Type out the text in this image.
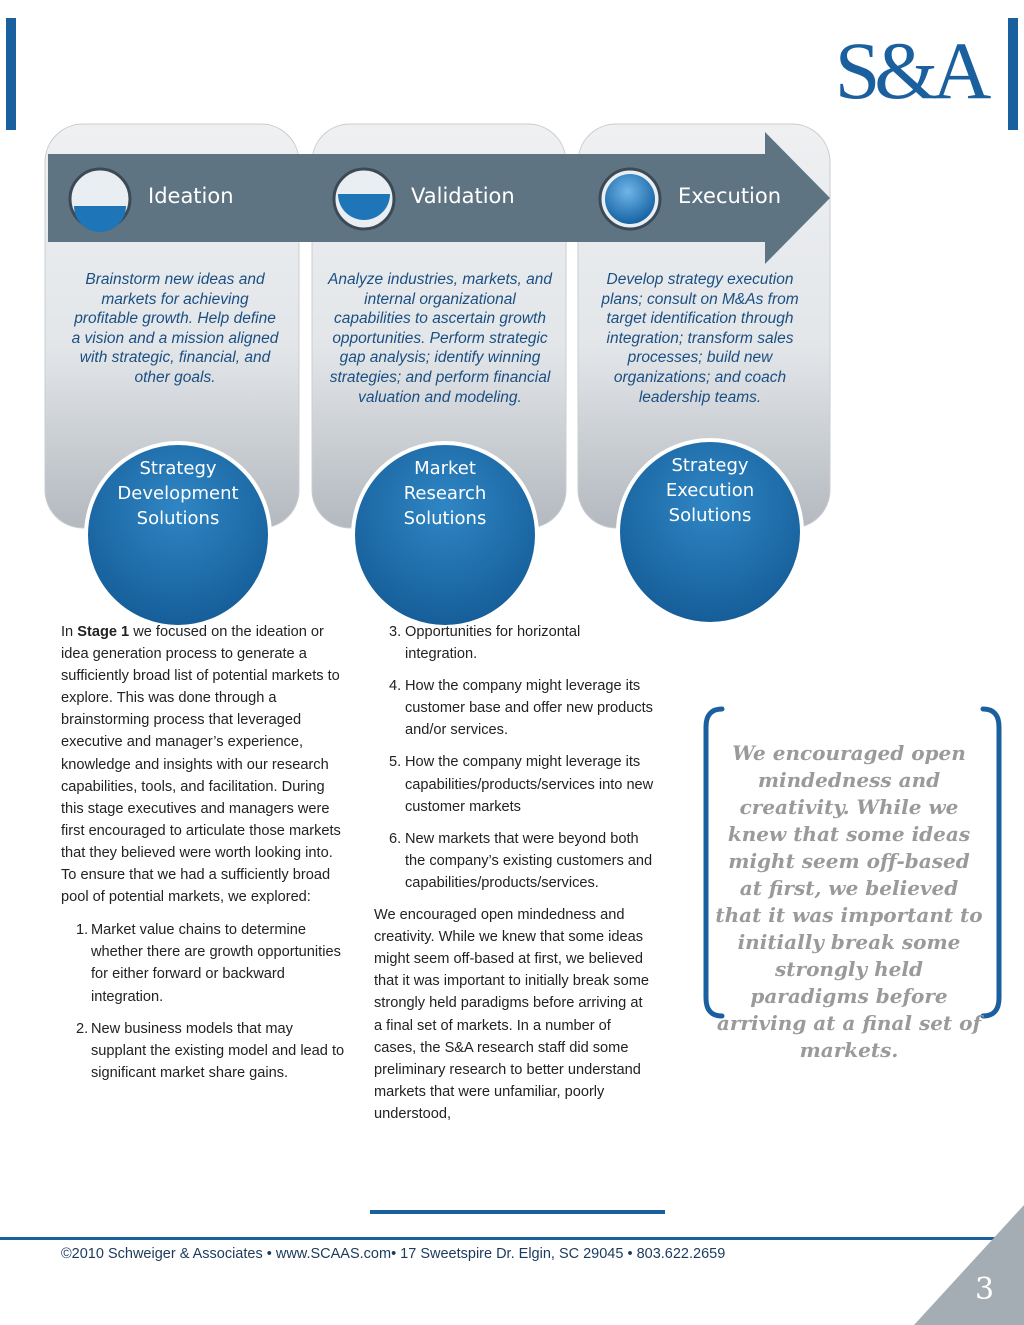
S&A
Ideation	Validation	Execution
Brainstorm new ideas and
markets for achieving
profitable growth. Help define
a vision and a mission aligned
with strategic, financial, and
other goals.
Analyze industries, markets, and
internal organizational
capabilities to ascertain growth
opportunities. Perform strategic
gap analysis; identify winning
strategies; and perform financial
valuation and modeling.
Develop strategy execution
plans; consult on M&As from
target identification through
integration; transform sales
processes; build new
organizations; and coach
leadership teams.
Strategy
Development
Solutions
Market
Research
Solutions
Strategy
Execution
Solutions

In Stage 1 we focused on the ideation or idea generation process to generate a sufficiently broad list of potential markets to explore. This was done through a brainstorming process that leveraged executive and manager’s experience, knowledge and insights with our research capabilities, tools, and facilitation. During this stage executives and managers were first encouraged to articulate those markets that they believed were worth looking into. To ensure that we had a sufficiently broad pool of potential markets, we explored:

1. Market value chains to determine whether there are growth opportunities for either forward or backward integration.
2. New business models that may supplant the existing model and lead to significant market share gains.
3. Opportunities for horizontal integration.
4. How the company might leverage its customer base and offer new products and/or services.
5. How the company might leverage its capabilities/products/services into new customer markets
6. New markets that were beyond both the company’s existing customers and capabilities/products/services.

We encouraged open mindedness and creativity. While we knew that some ideas might seem off-based at first, we believed that it was important to initially break some strongly held paradigms before arriving at a final set of markets. In a number of cases, the S&A research staff did some preliminary research to better understand markets that were unfamiliar, poorly understood,

We encouraged open mindedness and creativity. While we knew that some ideas might seem off-based at first, we believed that it was important to initially break some strongly held paradigms before arriving at a final set of markets.
©2010 Schweiger & Associates • www.SCAAS.com• 17 Sweetspire Dr. Elgin, SC 29045 • 803.622.2659
3
